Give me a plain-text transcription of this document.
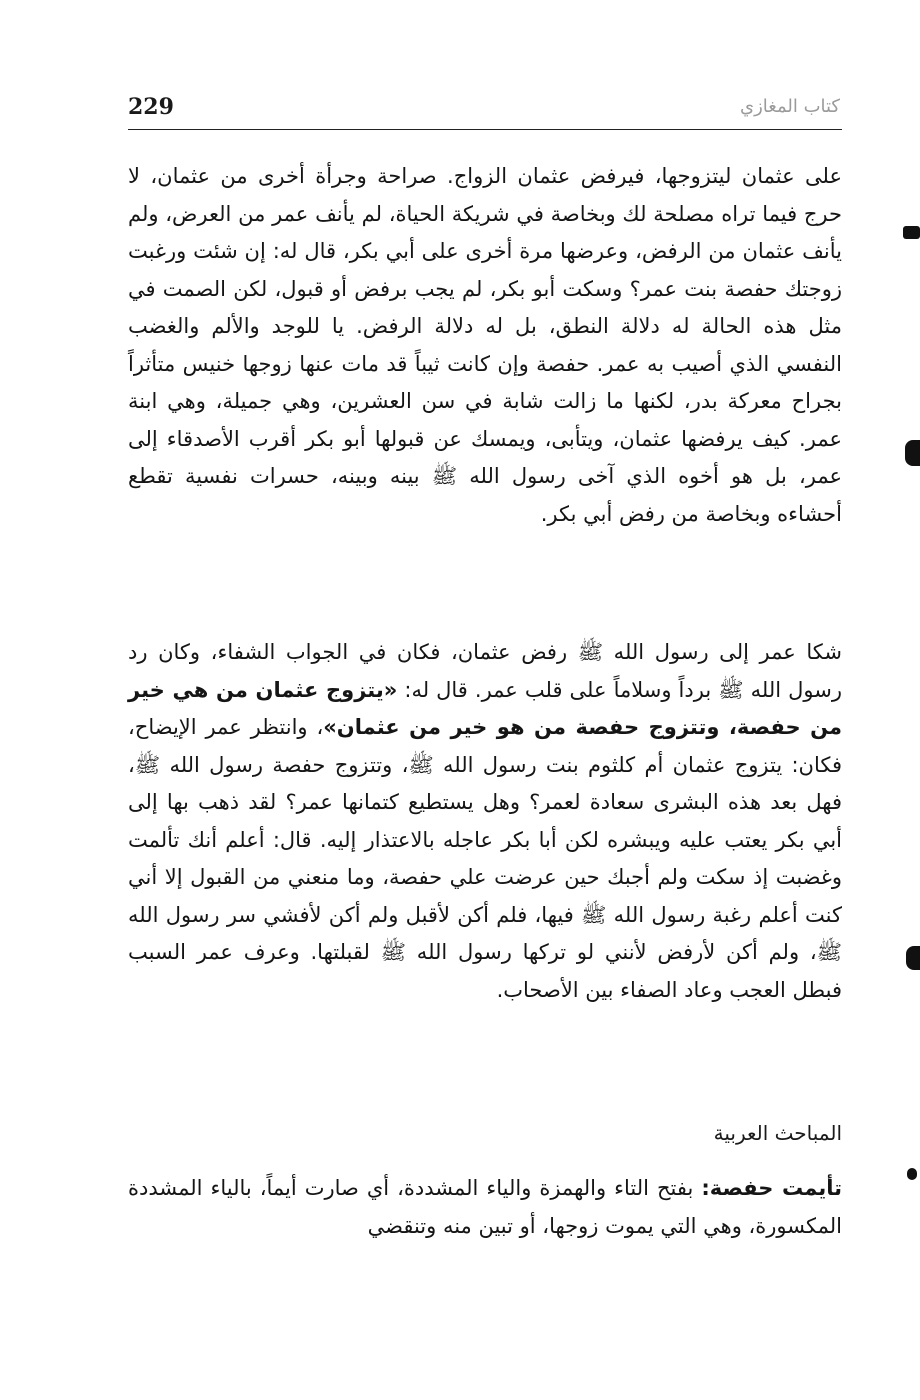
229	كتاب المغازي
على عثمان ليتزوجها، فيرفض عثمان الزواج. صراحة وجرأة أخرى من عثمان، لا حرج فيما تراه مصلحة لك وبخاصة في شريكة الحياة، لم يأنف عمر من العرض، ولم يأنف عثمان من الرفض، وعرضها مرة أخرى على أبي بكر، قال له: إن شئت ورغبت زوجتك حفصة بنت عمر؟ وسكت أبو بكر، لم يجب برفض أو قبول، لكن الصمت في مثل هذه الحالة له دلالة النطق، بل له دلالة الرفض. يا للوجد والألم والغضب النفسي الذي أصيب به عمر. حفصة وإن كانت ثيباً قد مات عنها زوجها خنيس متأثراً بجراح معركة بدر، لكنها ما زالت شابة في سن العشرين، وهي جميلة، وهي ابنة عمر. كيف يرفضها عثمان، ويتأبى، ويمسك عن قبولها أبو بكر أقرب الأصدقاء إلى عمر، بل هو أخوه الذي آخى رسول الله ﷺ بينه وبينه، حسرات نفسية تقطع أحشاءه وبخاصة من رفض أبي بكر.
شكا عمر إلى رسول الله ﷺ رفض عثمان، فكان في الجواب الشفاء، وكان رد رسول الله ﷺ برداً وسلاماً على قلب عمر. قال له: «يتزوج عثمان من هي خير من حفصة، وتتزوج حفصة من هو خير من عثمان»، وانتظر عمر الإيضاح، فكان: يتزوج عثمان أم كلثوم بنت رسول الله ﷺ، وتتزوج حفصة رسول الله ﷺ، فهل بعد هذه البشرى سعادة لعمر؟ وهل يستطيع كتمانها عمر؟ لقد ذهب بها إلى أبي بكر يعتب عليه ويبشره لكن أبا بكر عاجله بالاعتذار إليه. قال: أعلم أنك تألمت وغضبت إذ سكت ولم أجبك حين عرضت علي حفصة، وما منعني من القبول إلا أني كنت أعلم رغبة رسول الله ﷺ فيها، فلم أكن لأقبل ولم أكن لأفشي سر رسول الله ﷺ، ولم أكن لأرفض لأنني لو تركها رسول الله ﷺ لقبلتها. وعرف عمر السبب فبطل العجب وعاد الصفاء بين الأصحاب.
المباحث العربية
تأيمت حفصة: بفتح التاء والهمزة والياء المشددة، أي صارت أيماً، بالياء المشددة المكسورة، وهي التي يموت زوجها، أو تبين منه وتنقضي
